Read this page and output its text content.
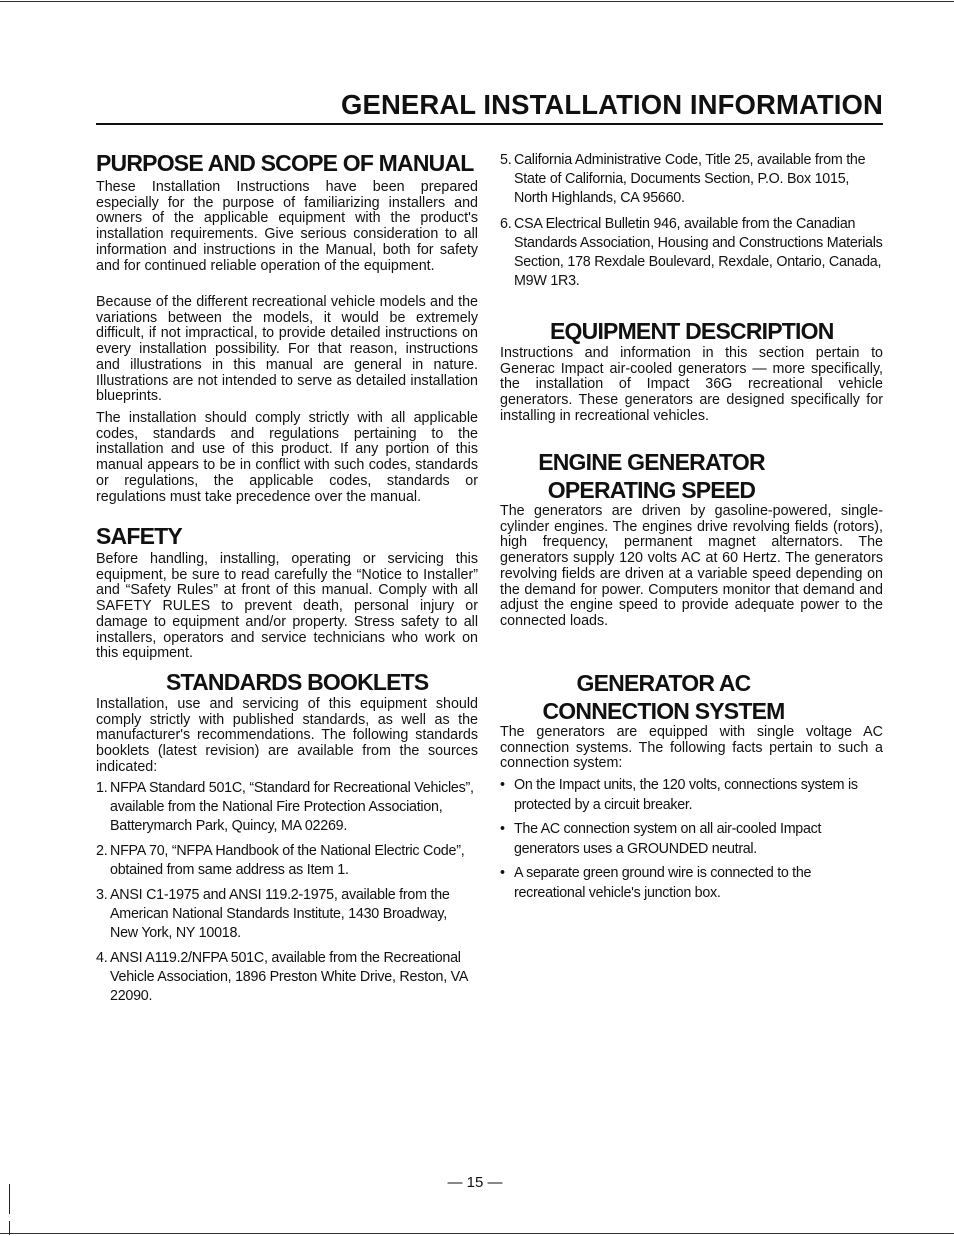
GENERAL INSTALLATION INFORMATION
PURPOSE AND SCOPE OF MANUAL

These Installation Instructions have been prepared especially for the purpose of familiarizing installers and owners of the applicable equipment with the product's installation requirements. Give serious consideration to all information and instructions in the Manual, both for safety and for continued reliable operation of the equipment.

Because of the different recreational vehicle models and the variations between the models, it would be extremely difficult, if not impractical, to provide detailed instructions on every installation possibility. For that reason, instructions and illustrations in this manual are general in nature. Illustrations are not intended to serve as detailed installation blueprints.

The installation should comply strictly with all applicable codes, standards and regulations pertaining to the installation and use of this product. If any portion of this manual appears to be in conflict with such codes, standards or regulations, the applicable codes, standards or regulations must take precedence over the manual.

SAFETY

Before handling, installing, operating or servicing this equipment, be sure to read carefully the “Notice to Installer” and “Safety Rules” at front of this manual. Comply with all SAFETY RULES to prevent death, personal injury or damage to equipment and/or property. Stress safety to all installers, operators and service technicians who work on this equipment.

STANDARDS BOOKLETS

Installation, use and servicing of this equipment should comply strictly with published standards, as well as the manufacturer's recommendations. The following standards booklets (latest revision) are available from the sources indicated:

1. NFPA Standard 501C, “Standard for Recreational Vehicles”, available from the National Fire Protection Association, Batterymarch Park, Quincy, MA 02269.
2. NFPA 70, “NFPA Handbook of the National Electric Code”, obtained from same address as Item 1.
3. ANSI C1-1975 and ANSI 119.2-1975, available from the American National Standards Institute, 1430 Broadway, New York, NY 10018.
4. ANSI A119.2/NFPA 501C, available from the Recreational Vehicle Association, 1896 Preston White Drive, Reston, VA 22090.
5. California Administrative Code, Title 25, available from the State of California, Documents Section, P.O. Box 1015, North Highlands, CA 95660.
6. CSA Electrical Bulletin 946, available from the Canadian Standards Association, Housing and Constructions Materials Section, 178 Rexdale Boulevard, Rexdale, Ontario, Canada, M9W 1R3.
EQUIPMENT DESCRIPTION

Instructions and information in this section pertain to Generac Impact air-cooled generators — more specifically, the installation of Impact 36G recreational vehicle generators. These generators are designed specifically for installing in recreational vehicles.

ENGINE GENERATOR
OPERATING SPEED

The generators are driven by gasoline-powered, single-cylinder engines. The engines drive revolving fields (rotors), high frequency, permanent magnet alternators. The generators supply 120 volts AC at 60 Hertz. The generators revolving fields are driven at a variable speed depending on the demand for power. Computers monitor that demand and adjust the engine speed to provide adequate power to the connected loads.

GENERATOR AC
CONNECTION SYSTEM

The generators are equipped with single voltage AC connection systems. The following facts pertain to such a connection system:

• On the Impact units, the 120 volts, connections system is protected by a circuit breaker.
• The AC connection system on all air-cooled Impact generators uses a GROUNDED neutral.
• A separate green ground wire is connected to the recreational vehicle's junction box.
— 15 —
